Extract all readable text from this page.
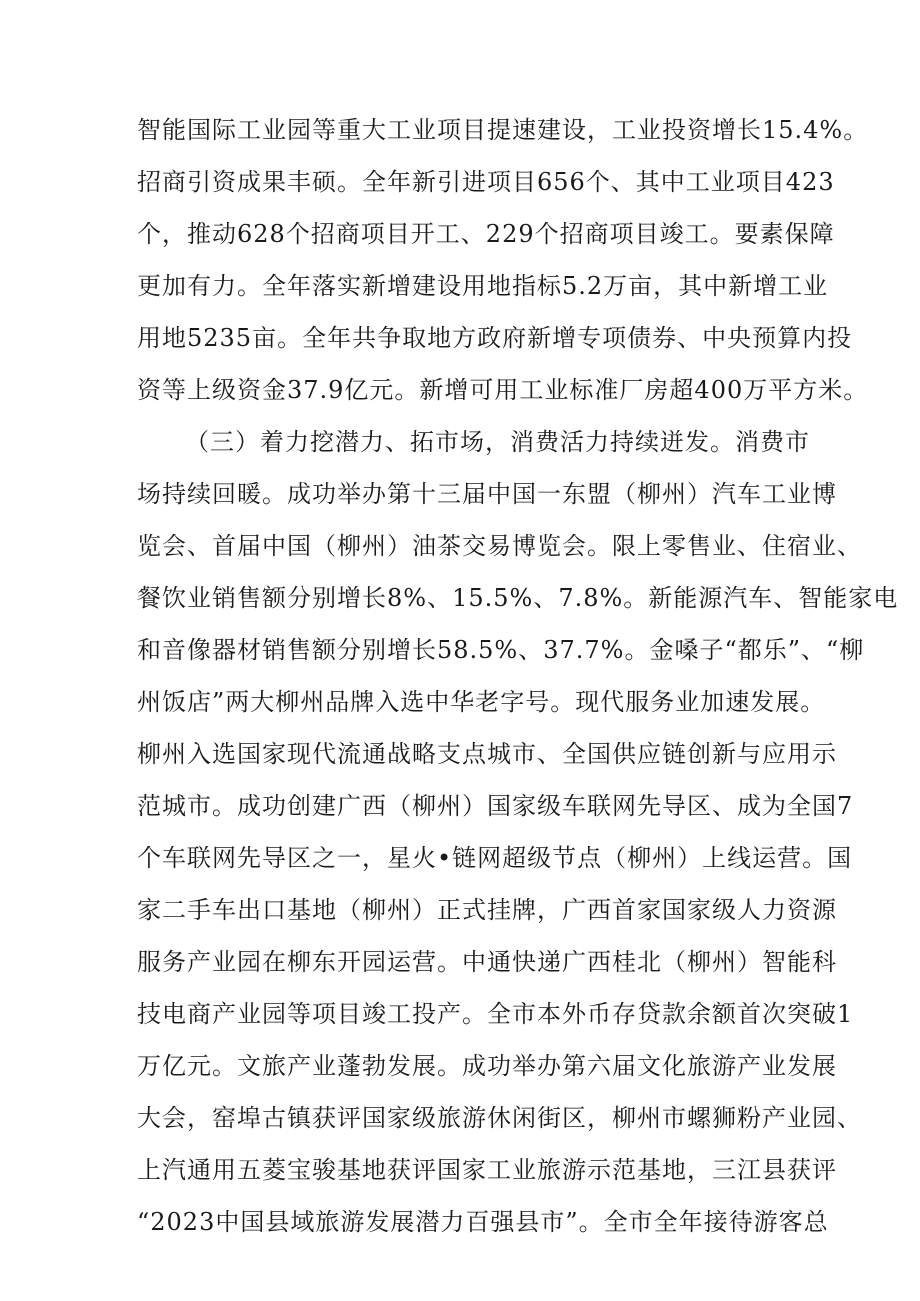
智能国际工业园等重大工业项目提速建设，工业投资增长15.4%。
招商引资成果丰硕。全年新引进项目656个、其中工业项目423
个，推动628个招商项目开工、229个招商项目竣工。要素保障
更加有力。全年落实新增建设用地指标5.2万亩，其中新增工业
用地5235亩。全年共争取地方政府新增专项债券、中央预算内投
资等上级资金37.9亿元。新增可用工业标准厂房超400万平方米。
（三）着力挖潜力、拓市场，消费活力持续迸发。消费市
场持续回暖。成功举办第十三届中国一东盟（柳州）汽车工业博
览会、首届中国（柳州）油茶交易博览会。限上零售业、住宿业、
餐饮业销售额分别增长8%、15.5%、7.8%。新能源汽车、智能家电
和音像器材销售额分别增长58.5%、37.7%。金嗓子“都乐”、“柳
州饭店”两大柳州品牌入选中华老字号。现代服务业加速发展。
柳州入选国家现代流通战略支点城市、全国供应链创新与应用示
范城市。成功创建广西（柳州）国家级车联网先导区、成为全国7
个车联网先导区之一，星火•链网超级节点（柳州）上线运营。国
家二手车出口基地（柳州）正式挂牌，广西首家国家级人力资源
服务产业园在柳东开园运营。中通快递广西桂北（柳州）智能科
技电商产业园等项目竣工投产。全市本外币存贷款余额首次突破1
万亿元。文旅产业蓬勃发展。成功举办第六届文化旅游产业发展
大会，窑埠古镇获评国家级旅游休闲街区，柳州市螺狮粉产业园、
上汽通用五菱宝骏基地获评国家工业旅游示范基地，三江县获评
“2023中国县域旅游发展潜力百强县市”。全市全年接待游客总
